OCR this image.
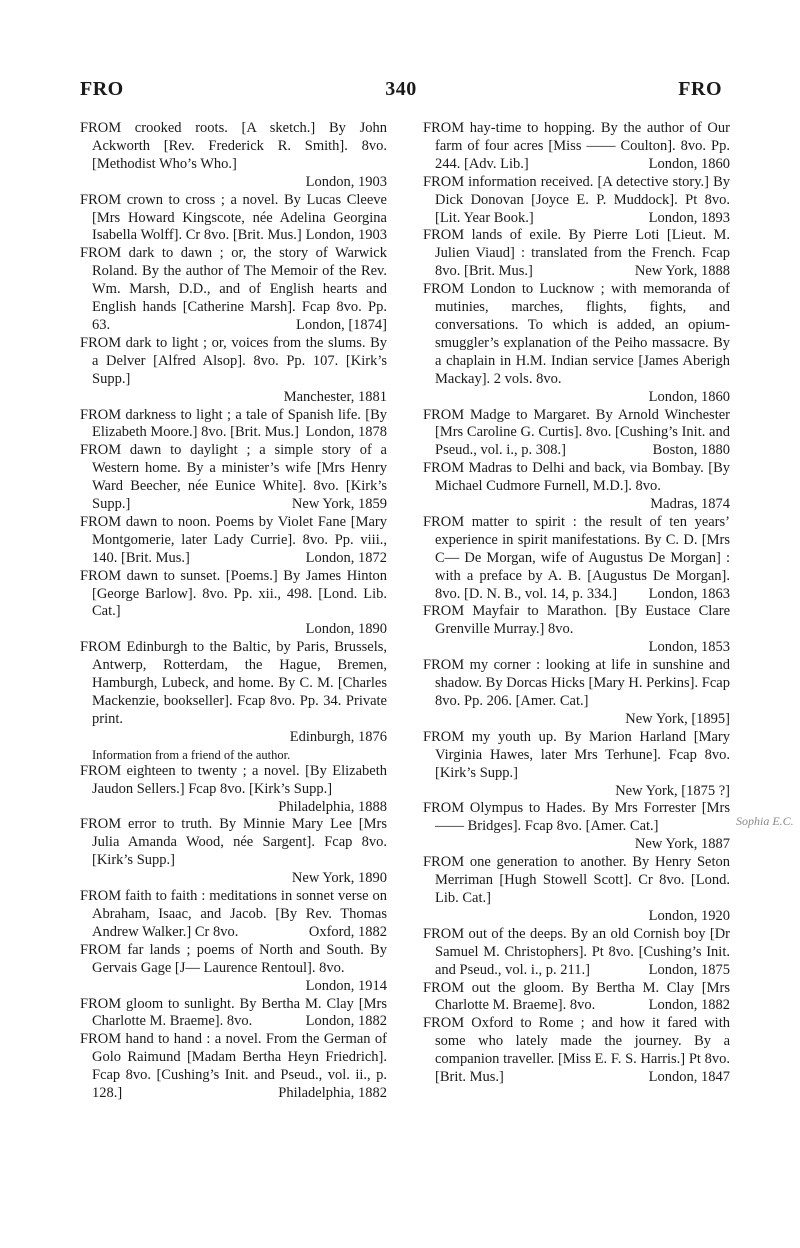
FRO	340	FRO
FROM crooked roots. [A sketch.] By John Ackworth [Rev. Frederick R. Smith]. 8vo. [Methodist Who’s Who.]
London, 1903
FROM crown to cross ; a novel. By Lucas Cleeve [Mrs Howard Kingscote, née Adelina Georgina Isabella Wolff]. Cr 8vo. [Brit. Mus.] London, 1903
FROM dark to dawn ; or, the story of Warwick Roland. By the author of The Memoir of the Rev. Wm. Marsh, D.D., and of English hearts and English hands [Catherine Marsh]. Fcap 8vo. Pp. 63.	London, [1874]
FROM dark to light ; or, voices from the slums. By a Delver [Alfred Alsop]. 8vo. Pp. 107. [Kirk’s Supp.]
Manchester, 1881
FROM darkness to light ; a tale of Spanish life. [By Elizabeth Moore.] 8vo. [Brit. Mus.] London, 1878
FROM dawn to daylight ; a simple story of a Western home. By a minister’s wife [Mrs Henry Ward Beecher, née Eunice White]. 8vo. [Kirk’s Supp.]	New York, 1859
FROM dawn to noon. Poems by Violet Fane [Mary Montgomerie, later Lady Currie]. 8vo. Pp. viii., 140. [Brit. Mus.]	London, 1872
FROM dawn to sunset. [Poems.] By James Hinton [George Barlow]. 8vo. Pp. xii., 498. [Lond. Lib. Cat.]
London, 1890
FROM Edinburgh to the Baltic, by Paris, Brussels, Antwerp, Rotterdam, the Hague, Bremen, Hamburgh, Lubeck, and home. By C. M. [Charles Mackenzie, bookseller]. Fcap 8vo. Pp. 34. Private print.
Edinburgh, 1876
Information from a friend of the author.
FROM eighteen to twenty ; a novel. [By Elizabeth Jaudon Sellers.] Fcap 8vo. [Kirk’s Supp.]
Philadelphia, 1888
FROM error to truth. By Minnie Mary Lee [Mrs Julia Amanda Wood, née Sargent]. Fcap 8vo. [Kirk’s Supp.]
New York, 1890
FROM faith to faith : meditations in sonnet verse on Abraham, Isaac, and Jacob. [By Rev. Thomas Andrew Walker.] Cr 8vo.	Oxford, 1882
FROM far lands ; poems of North and South. By Gervais Gage [J— Laurence Rentoul]. 8vo.
London, 1914
FROM gloom to sunlight. By Bertha M. Clay [Mrs Charlotte M. Braeme]. 8vo.	London, 1882
FROM hand to hand : a novel. From the German of Golo Raimund [Madam Bertha Heyn Friedrich]. Fcap 8vo. [Cushing’s Init. and Pseud., vol. ii., p. 128.]	Philadelphia, 1882
FROM hay-time to hopping. By the author of Our farm of four acres [Miss —— Coulton]. 8vo. Pp. 244. [Adv. Lib.]	London, 1860
FROM information received. [A detective story.] By Dick Donovan [Joyce E. P. Muddock]. Pt 8vo. [Lit. Year Book.]	London, 1893
FROM lands of exile. By Pierre Loti [Lieut. M. Julien Viaud] : translated from the French. Fcap 8vo. [Brit. Mus.]	New York, 1888
FROM London to Lucknow ; with memoranda of mutinies, marches, flights, fights, and conversations. To which is added, an opium-smuggler’s explanation of the Peiho massacre. By a chaplain in H.M. Indian service [James Aberigh Mackay]. 2 vols. 8vo.
London, 1860
FROM Madge to Margaret. By Arnold Winchester [Mrs Caroline G. Curtis]. 8vo. [Cushing’s Init. and Pseud., vol. i., p. 308.]	Boston, 1880
FROM Madras to Delhi and back, via Bombay. [By Michael Cudmore Furnell, M.D.]. 8vo.
Madras, 1874
FROM matter to spirit : the result of ten years’ experience in spirit manifestations. By C. D. [Mrs C— De Morgan, wife of Augustus De Morgan] : with a preface by A. B. [Augustus De Morgan]. 8vo. [D. N. B., vol. 14, p. 334.] London, 1863
FROM Mayfair to Marathon. [By Eustace Clare Grenville Murray.] 8vo.
London, 1853
FROM my corner : looking at life in sunshine and shadow. By Dorcas Hicks [Mary H. Perkins]. Fcap 8vo. Pp. 206. [Amer. Cat.]
New York, [1895]
FROM my youth up. By Marion Harland [Mary Virginia Hawes, later Mrs Terhune]. Fcap 8vo. [Kirk’s Supp.]
New York, [1875 ?]
FROM Olympus to Hades. By Mrs Forrester [Mrs —— Bridges]. Fcap 8vo. [Amer. Cat.]
New York, 1887
FROM one generation to another. By Henry Seton Merriman [Hugh Stowell Scott]. Cr 8vo. [Lond. Lib. Cat.]
London, 1920
FROM out of the deeps. By an old Cornish boy [Dr Samuel M. Christophers]. Pt 8vo. [Cushing’s Init. and Pseud., vol. i., p. 211.]	London, 1875
FROM out the gloom. By Bertha M. Clay [Mrs Charlotte M. Braeme]. 8vo.	London, 1882
FROM Oxford to Rome ; and how it fared with some who lately made the journey. By a companion traveller. [Miss E. F. S. Harris.] Pt 8vo. [Brit. Mus.]	London, 1847
Sophia E.C.
